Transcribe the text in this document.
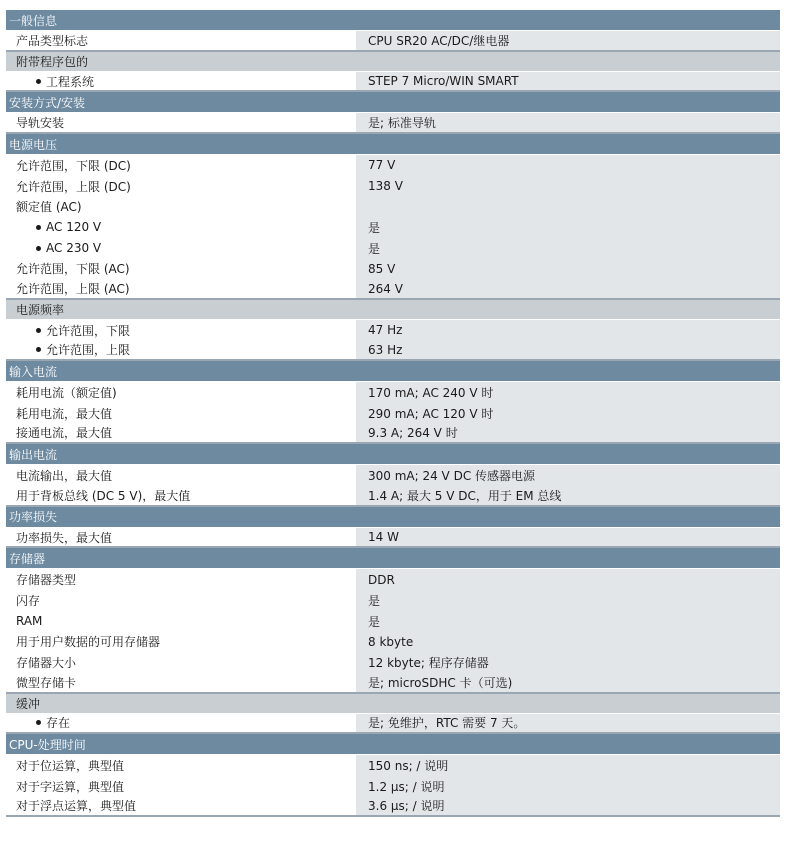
一般信息
产品类型标志	CPU SR20 AC/DC/继电器
附带程序包的
工程系统	STEP 7 Micro/WIN SMART
安装方式/安装
导轨安装	是; 标准导轨
电源电压
允许范围，下限 (DC)	77 V
允许范围，上限 (DC)	138 V
额定值 (AC)
AC 120 V	是
AC 230 V	是
允许范围，下限 (AC)	85 V
允许范围，上限 (AC)	264 V
电源频率
允许范围，下限	47 Hz
允许范围，上限	63 Hz
输入电流
耗用电流（额定值)	170 mA; AC 240 V 时
耗用电流，最大值	290 mA; AC 120 V 时
接通电流，最大值	9.3 A; 264 V 时
输出电流
电流输出，最大值	300 mA; 24 V DC 传感器电源
用于背板总线 (DC 5 V)，最大值	1.4 A; 最大 5 V DC，用于 EM 总线
功率损失
功率损失，最大值	14 W
存储器
存储器类型	DDR
闪存	是
RAM	是
用于用户数据的可用存储器	8 kbyte
存储器大小	12 kbyte; 程序存储器
微型存储卡	是; microSDHC 卡（可选)
缓冲
存在	是; 免维护，RTC 需要 7 天。
CPU-处理时间
对于位运算，典型值	150 ns; / 说明
对于字运算，典型值	1.2 μs; / 说明
对于浮点运算，典型值	3.6 μs; / 说明
